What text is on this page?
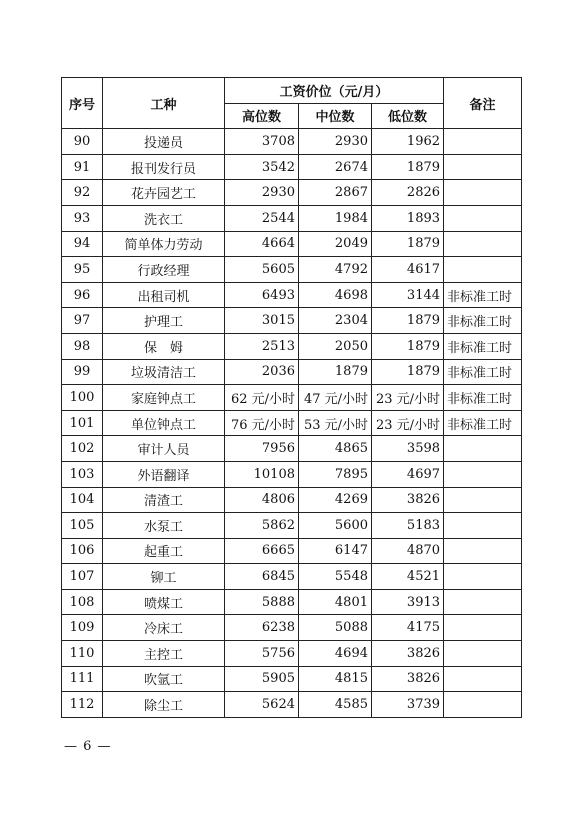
序号	工种	工资价位（元/月）			备注
		高位数	中位数	低位数	
90	投递员	3708	2930	1962	
91	报刊发行员	3542	2674	1879	
92	花卉园艺工	2930	2867	2826	
93	洗衣工	2544	1984	1893	
94	简单体力劳动	4664	2049	1879	
95	行政经理	5605	4792	4617	
96	出租司机	6493	4698	3144	非标准工时
97	护理工	3015	2304	1879	非标准工时
98	保　姆	2513	2050	1879	非标准工时
99	垃圾清洁工	2036	1879	1879	非标准工时
100	家庭钟点工	62 元/小时	47 元/小时	23 元/小时	非标准工时
101	单位钟点工	76 元/小时	53 元/小时	23 元/小时	非标准工时
102	审计人员	7956	4865	3598	
103	外语翻译	10108	7895	4697	
104	清渣工	4806	4269	3826	
105	水泵工	5862	5600	5183	
106	起重工	6665	6147	4870	
107	铆工	6845	5548	4521	
108	喷煤工	5888	4801	3913	
109	冷床工	6238	5088	4175	
110	主控工	5756	4694	3826	
111	吹氩工	5905	4815	3826	
112	除尘工	5624	4585	3739	
— 6 —
